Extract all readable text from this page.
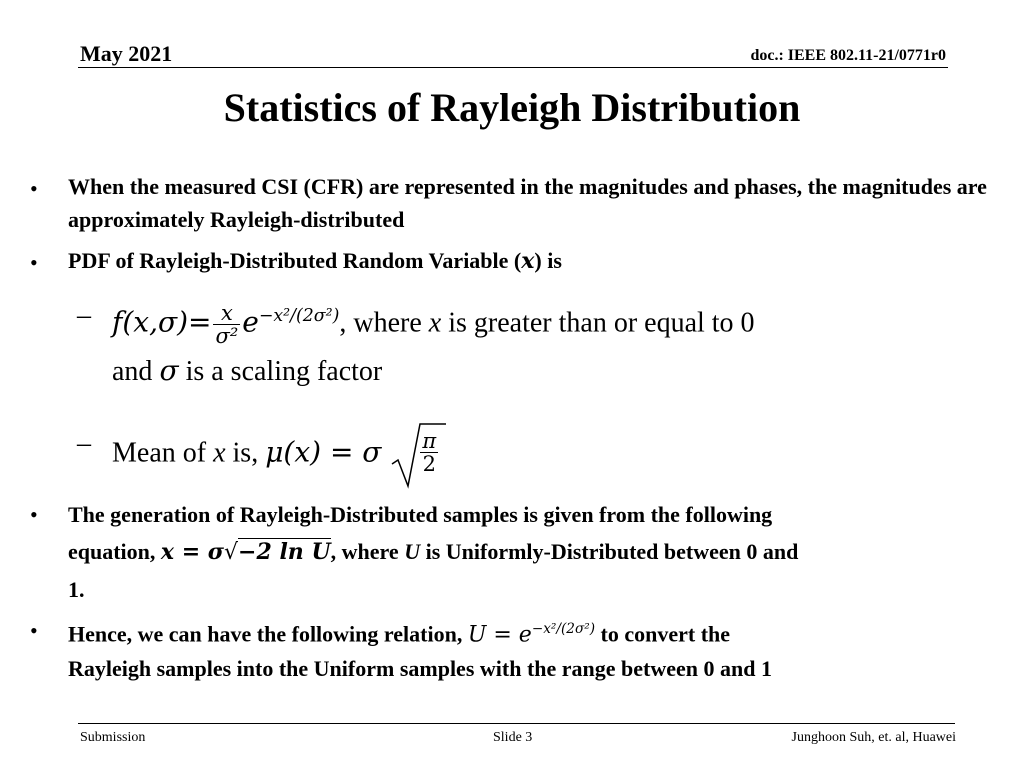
May 2021	doc.: IEEE 802.11-21/0771r0
Statistics of Rayleigh Distribution
• When the measured CSI (CFR) are represented in the magnitudes and phases, the magnitudes are approximately Rayleigh-distributed
• PDF of Rayleigh-Distributed Random Variable (x) is
– $f(x,\sigma)= \frac{x}{\text{σ²}} e^{-x^2/(2\sigma^2)}$, where x is greater than or equal to 0
and σ is a scaling factor
– Mean of x is, μ(x) = σ $\frac{\pi}{2}$
• The generation of Rayleigh-Distributed samples is given from the following
equation, x = σ√−2 ln U, where U is Uniformly-Distributed between 0 and
1.
• Hence, we can have the following relation, $U = e^{-x^2/(2\sigma^2)}$ to convert the
Rayleigh samples into the Uniform samples with the range between 0 and 1
Submission	Slide 3	Junghoon Suh, et. al, Huawei
